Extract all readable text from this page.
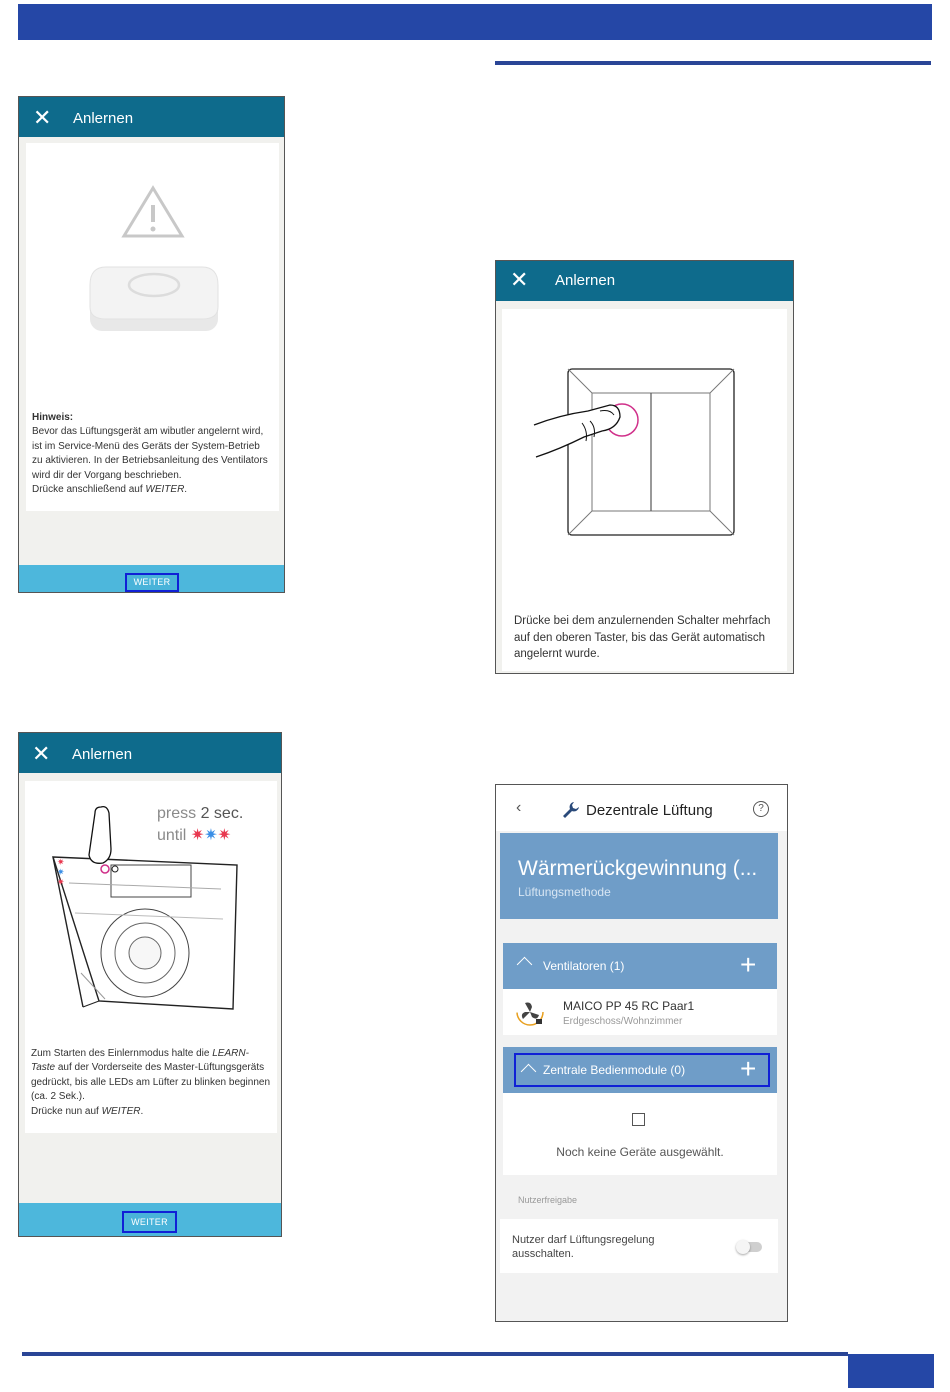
✕ Anlernen
Hinweis:
Bevor das Lüftungsgerät am wibutler angelernt wird, ist im Service-Menü des Geräts der System-Betrieb zu aktivieren. In der Betriebsanleitung des Ventilators wird dir der Vorgang beschrieben.
Drücke anschließend auf WEITER.
WEITER
✕ Anlernen
Drücke bei dem anzulernenden Schalter mehrfach auf den oberen Taster, bis das Gerät automatisch angelernt wurde.
✕ Anlernen
press 2 sec.
until ✷✷✷
✷
✷
✷
Zum Starten des Einlernmodus halte die LEARN-Taste auf der Vorderseite des Master-Lüftungsgeräts gedrückt, bis alle LEDs am Lüfter zu blinken beginnen (ca. 2 Sek.).
Drücke nun auf WEITER.
WEITER
‹	Dezentrale Lüftung	?
Wärmerückgewinnung (...
Lüftungsmethode
Ventilatoren (1)	+
MAICO PP 45 RC Paar1
Erdgeschoss/Wohnzimmer
Zentrale Bedienmodule (0) +
Noch keine Geräte ausgewählt.
Nutzerfreigabe
Nutzer darf Lüftungsregelung
ausschalten.
